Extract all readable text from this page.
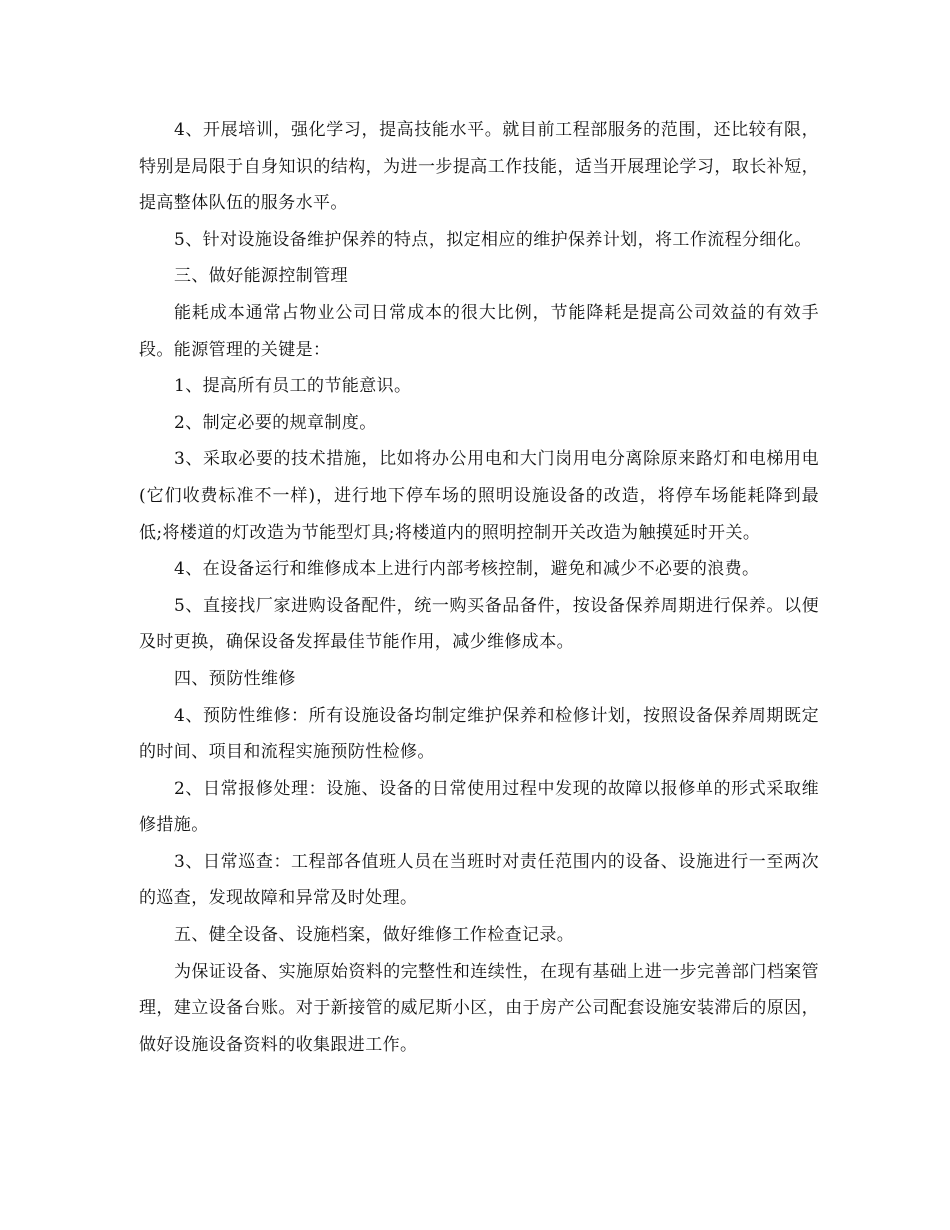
4、开展培训，强化学习，提高技能水平。就目前工程部服务的范围，还比较有限，特别是局限于自身知识的结构，为进一步提高工作技能，适当开展理论学习，取长补短，提高整体队伍的服务水平。

5、针对设施设备维护保养的特点，拟定相应的维护保养计划，将工作流程分细化。

三、做好能源控制管理

能耗成本通常占物业公司日常成本的很大比例，节能降耗是提高公司效益的有效手段。能源管理的关键是：

1、提高所有员工的节能意识。

2、制定必要的规章制度。

3、采取必要的技术措施，比如将办公用电和大门岗用电分离除原来路灯和电梯用电(它们收费标准不一样)，进行地下停车场的照明设施设备的改造，将停车场能耗降到最低;将楼道的灯改造为节能型灯具;将楼道内的照明控制开关改造为触摸延时开关。

4、在设备运行和维修成本上进行内部考核控制，避免和减少不必要的浪费。

5、直接找厂家进购设备配件，统一购买备品备件，按设备保养周期进行保养。以便及时更换，确保设备发挥最佳节能作用，减少维修成本。

四、预防性维修

4、预防性维修：所有设施设备均制定维护保养和检修计划，按照设备保养周期既定的时间、项目和流程实施预防性检修。

2、日常报修处理：设施、设备的日常使用过程中发现的故障以报修单的形式采取维修措施。

3、日常巡查：工程部各值班人员在当班时对责任范围内的设备、设施进行一至两次的巡查，发现故障和异常及时处理。

五、健全设备、设施档案，做好维修工作检查记录。

为保证设备、实施原始资料的完整性和连续性，在现有基础上进一步完善部门档案管理，建立设备台账。对于新接管的威尼斯小区，由于房产公司配套设施安装滞后的原因，做好设施设备资料的收集跟进工作。
